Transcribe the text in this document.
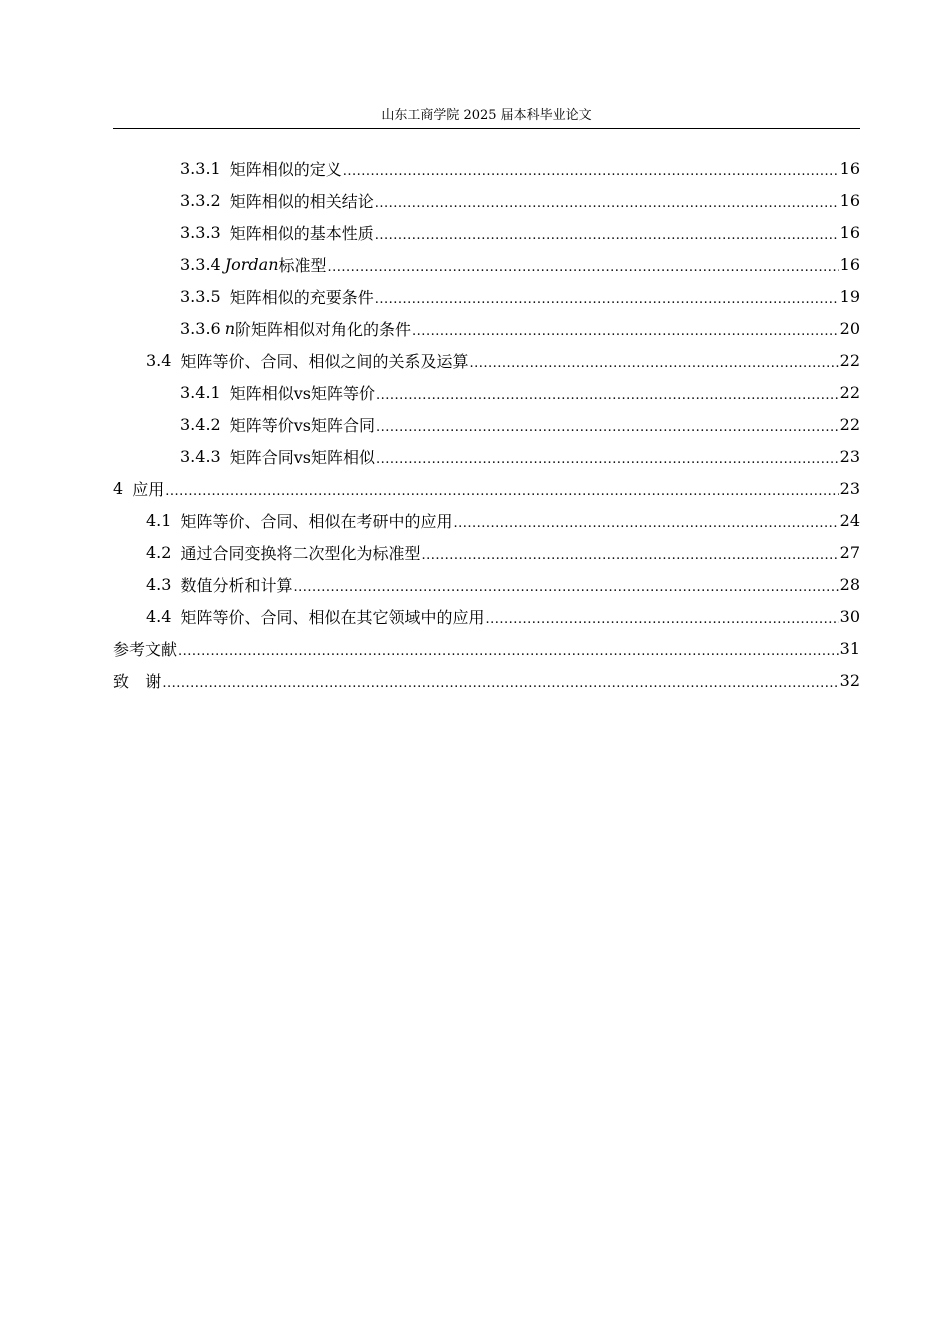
山东工商学院 2025 届本科毕业论文
3.3.1 矩阵相似的定义 .....	16
3.3.2 矩阵相似的相关结论 .....	16
3.3.3 矩阵相似的基本性质 .....	16
3.3.4 Jordan 标准型 .....	16
3.3.5 矩阵相似的充要条件 .....	19
3.3.6 n 阶矩阵相似对角化的条件 .....	20
3.4 矩阵等价、合同、相似之间的关系及运算 .....	22
3.4.1 矩阵相似vs矩阵等价 .....	22
3.4.2 矩阵等价vs矩阵合同 .....	22
3.4.3 矩阵合同vs矩阵相似 .....	23
4 应用 .....	23
4.1 矩阵等价、合同、相似在考研中的应用 .....	24
4.2 通过合同变换将二次型化为标准型 .....	27
4.3 数值分析和计算 .....	28
4.4 矩阵等价、合同、相似在其它领域中的应用 .....	30
参考文献 .....	31
致 谢 .....	32
